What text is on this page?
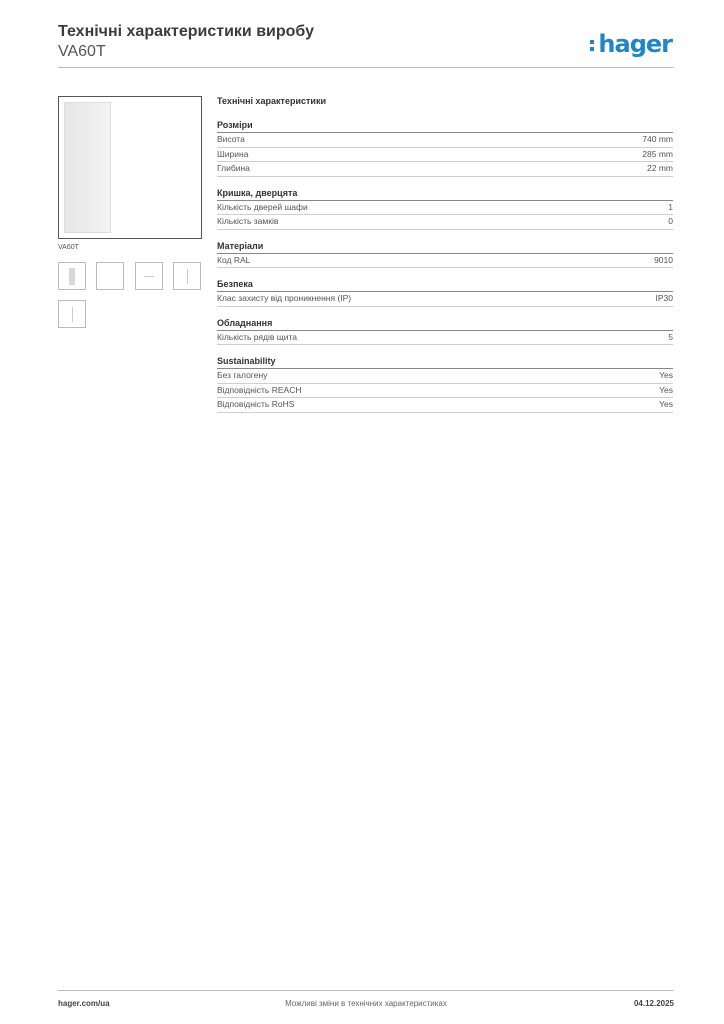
Технічні характеристики виробу
VA60T	hager
VA60T
Технічні характеристики
Розміри
Висота	740 mm
Ширина	285 mm
Глибина	22 mm
Кришка, дверцята
Кількість дверей шафи	1
Кількість замків	0
Матеріали
Код RAL	9010
Безпека
Клас захисту від проникнення (IP)	IP30
Обладнання
Кількість рядів щита	5
Sustainability
Без галогену	Yes
Відповідність REACH	Yes
Відповідність RoHS	Yes
hager.com/ua	Можливі зміни в технічних характеристиках	04.12.2025
